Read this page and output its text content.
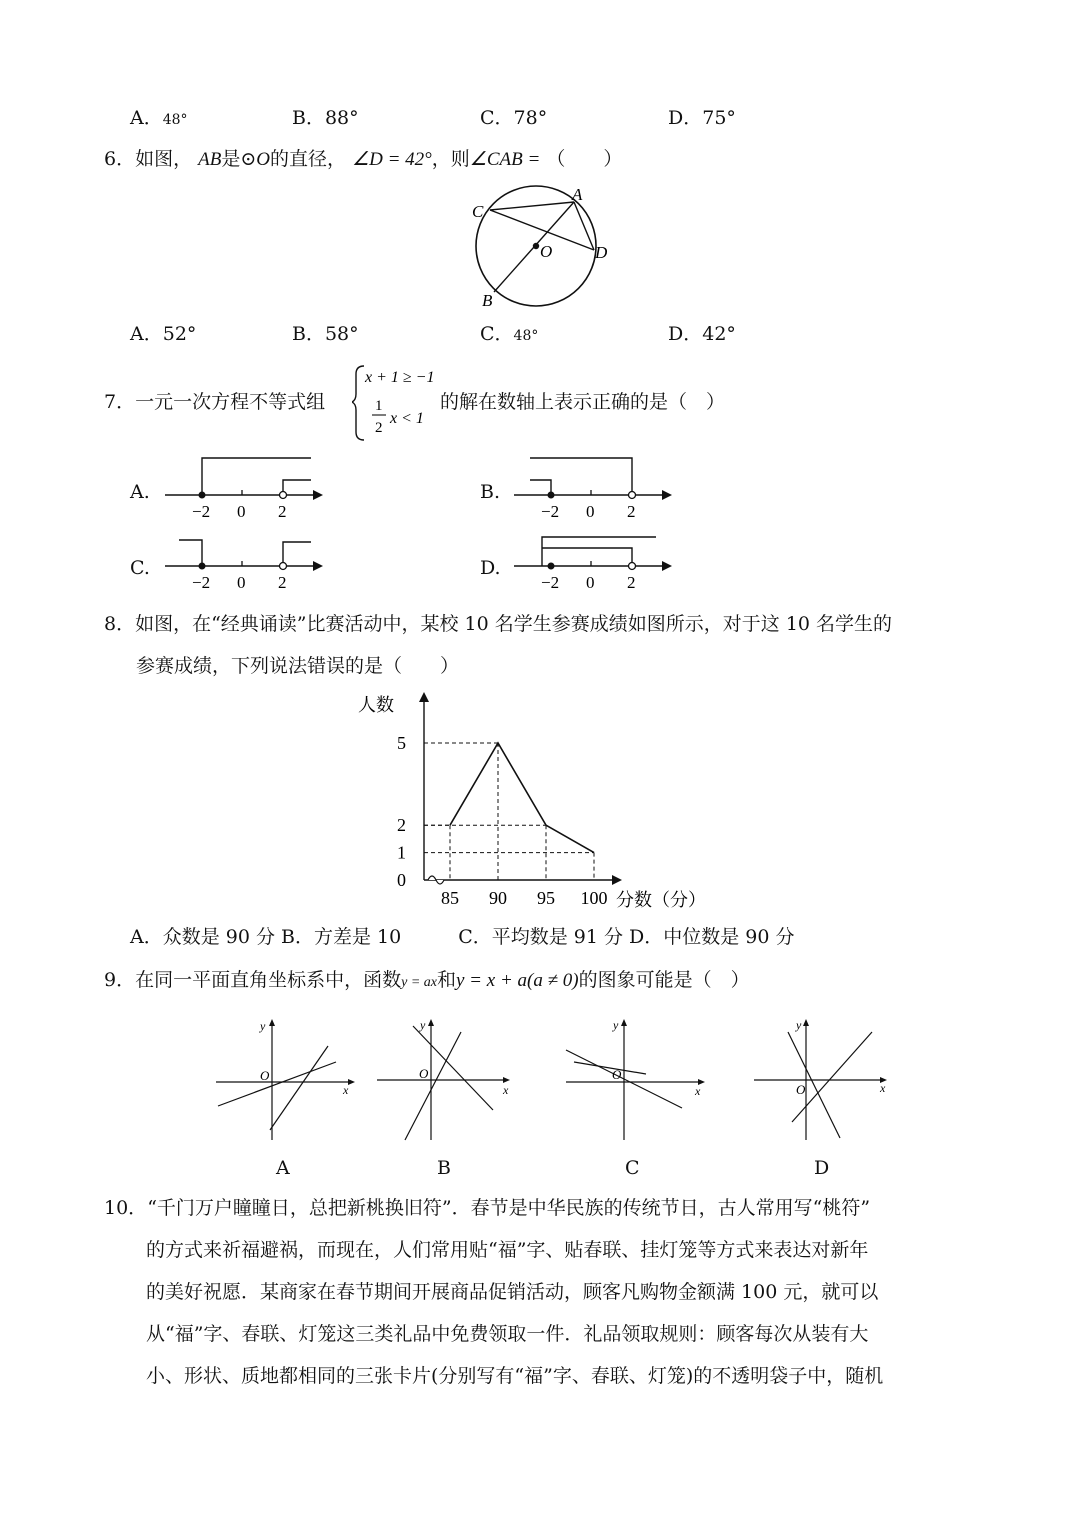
A．48°	B．88°	C．78°	D．75°
6．如图， AB是⊙O的直径， ∠D = 42°，则∠CAB = （　　）
C
A
D
O
B
A．52°	B．58°	C．48°	D．42°
7．一元一次方程不等式组
x + 1 ≥ −1
1
2
x < 1
的解在数轴上表示正确的是（　）
A.
−2 0 2
B.
−2 0 2
C.
−2 0 2
D.
−2 0 2
8．如图，在“经典诵读”比赛活动中，某校 10 名学生参赛成绩如图所示，对于这 10 名学生的
参赛成绩，下列说法错误的是（　　）
人数
分数（分）
85 90 95 100
0
1
2
5
A．众数是 90 分 B．方差是 10　　　C．平均数是 91 分 D．中位数是 90 分
9．在同一平面直角坐标系中，函数y = ax和y = x + a(a ≠ 0)的图象可能是（　）
y
x
O
y
x
O
y
x
O
y
x
O
A	B	C	D
10．“千门万户瞳瞳日，总把新桃换旧符”．春节是中华民族的传统节日，古人常用写“桃符”
的方式来祈福避祸，而现在，人们常用贴“福”字、贴春联、挂灯笼等方式来表达对新年
的美好祝愿．某商家在春节期间开展商品促销活动，顾客凡购物金额满 100 元，就可以
从“福”字、春联、灯笼这三类礼品中免费领取一件．礼品领取规则：顾客每次从装有大
小、形状、质地都相同的三张卡片(分别写有“福”字、春联、灯笼)的不透明袋子中，随机
